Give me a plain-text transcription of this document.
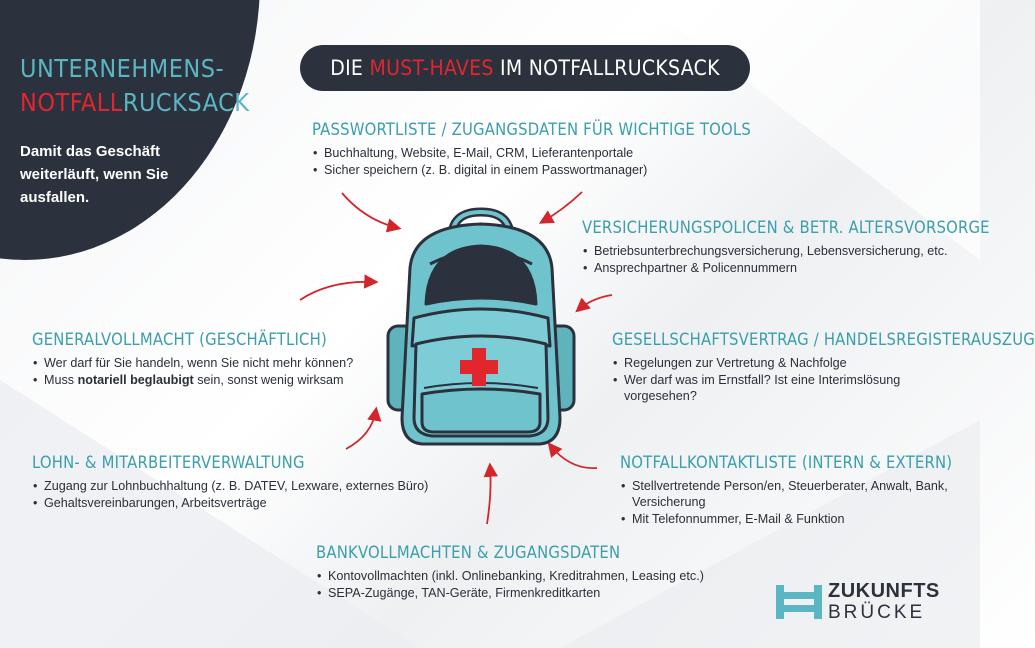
UNTERNEHMENS-
NOTFALLRUCKSACK
Damit das Geschäft weiterläuft, wenn Sie ausfallen.
DIE MUST-HAVES IM NOTFALLRUCKSACK
PASSWORTLISTE / ZUGANGSDATEN FÜR WICHTIGE TOOLS
• Buchhaltung, Website, E-Mail, CRM, Lieferantenportale
• Sicher speichern (z. B. digital in einem Passwortmanager)
VERSICHERUNGSPOLICEN & BETR. ALTERSVORSORGE
• Betriebsunterbrechungsversicherung, Lebensversicherung, etc.
• Ansprechpartner & Policennummern
GESELLSCHAFTSVERTRAG / HANDELSREGISTERAUSZUG
• Regelungen zur Vertretung & Nachfolge
• Wer darf was im Ernstfall? Ist eine Interimslösung vorgesehen?
GENERALVOLLMACHT (GESCHÄFTLICH)
• Wer darf für Sie handeln, wenn Sie nicht mehr können?
• Muss notariell beglaubigt sein, sonst wenig wirksam
LOHN- & MITARBEITERVERWALTUNG
• Zugang zur Lohnbuchhaltung (z. B. DATEV, Lexware, externes Büro)
• Gehaltsvereinbarungen, Arbeitsverträge
NOTFALLKONTAKTLISTE (INTERN & EXTERN)
• Stellvertretende Person/en, Steuerberater, Anwalt, Bank, Versicherung
• Mit Telefonnummer, E-Mail & Funktion
BANKVOLLMACHTEN & ZUGANGSDATEN
• Kontovollmachten (inkl. Onlinebanking, Kreditrahmen, Leasing etc.)
• SEPA-Zugänge, TAN-Geräte, Firmenkreditkarten	ZUKUNFTS
BRÜCKE
